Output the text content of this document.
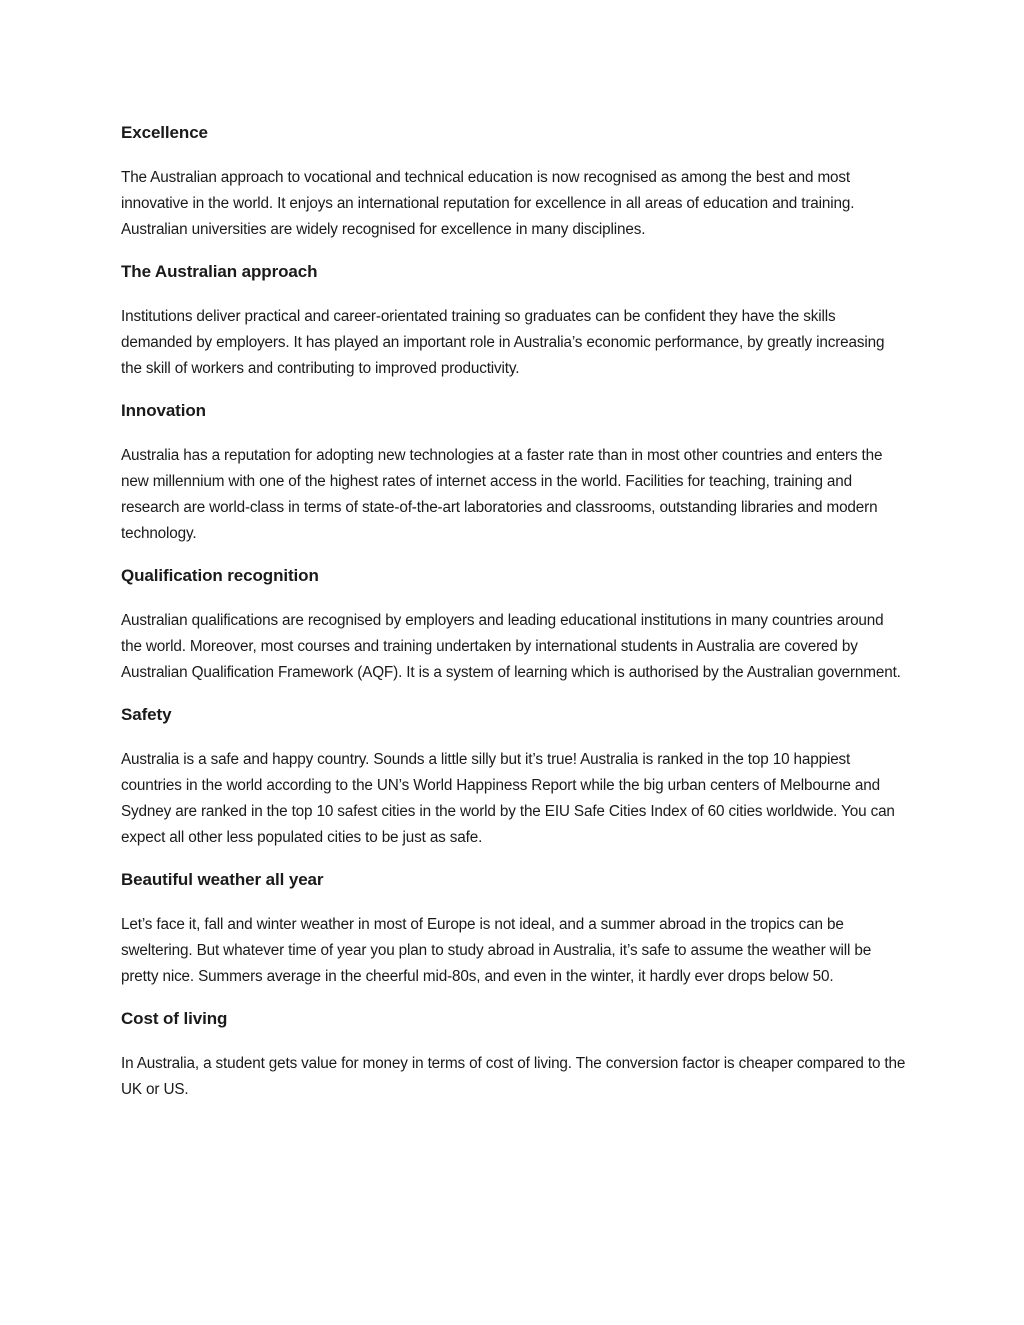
Excellence

The Australian approach to vocational and technical education is now recognised as among the best and most innovative in the world. It enjoys an international reputation for excellence in all areas of education and training. Australian universities are widely recognised for excellence in many disciplines.

The Australian approach

Institutions deliver practical and career-orientated training so graduates can be confident they have the skills demanded by employers. It has played an important role in Australia’s economic performance, by greatly increasing the skill of workers and contributing to improved productivity.

Innovation

Australia has a reputation for adopting new technologies at a faster rate than in most other countries and enters the new millennium with one of the highest rates of internet access in the world. Facilities for teaching, training and research are world-class in terms of state-of-the-art laboratories and classrooms, outstanding libraries and modern technology.

Qualification recognition

Australian qualifications are recognised by employers and leading educational institutions in many countries around the world. Moreover, most courses and training undertaken by international students in Australia are covered by Australian Qualification Framework (AQF). It is a system of learning which is authorised by the Australian government.

Safety

Australia is a safe and happy country. Sounds a little silly but it’s true! Australia is ranked in the top 10 happiest countries in the world according to the UN’s World Happiness Report while the big urban centers of Melbourne and Sydney are ranked in the top 10 safest cities in the world by the EIU Safe Cities Index of 60 cities worldwide. You can expect all other less populated cities to be just as safe.

Beautiful weather all year

Let’s face it, fall and winter weather in most of Europe is not ideal, and a summer abroad in the tropics can be sweltering. But whatever time of year you plan to study abroad in Australia, it’s safe to assume the weather will be pretty nice. Summers average in the cheerful mid-80s, and even in the winter, it hardly ever drops below 50.

Cost of living

In Australia, a student gets value for money in terms of cost of living. The conversion factor is cheaper compared to the UK or US.
